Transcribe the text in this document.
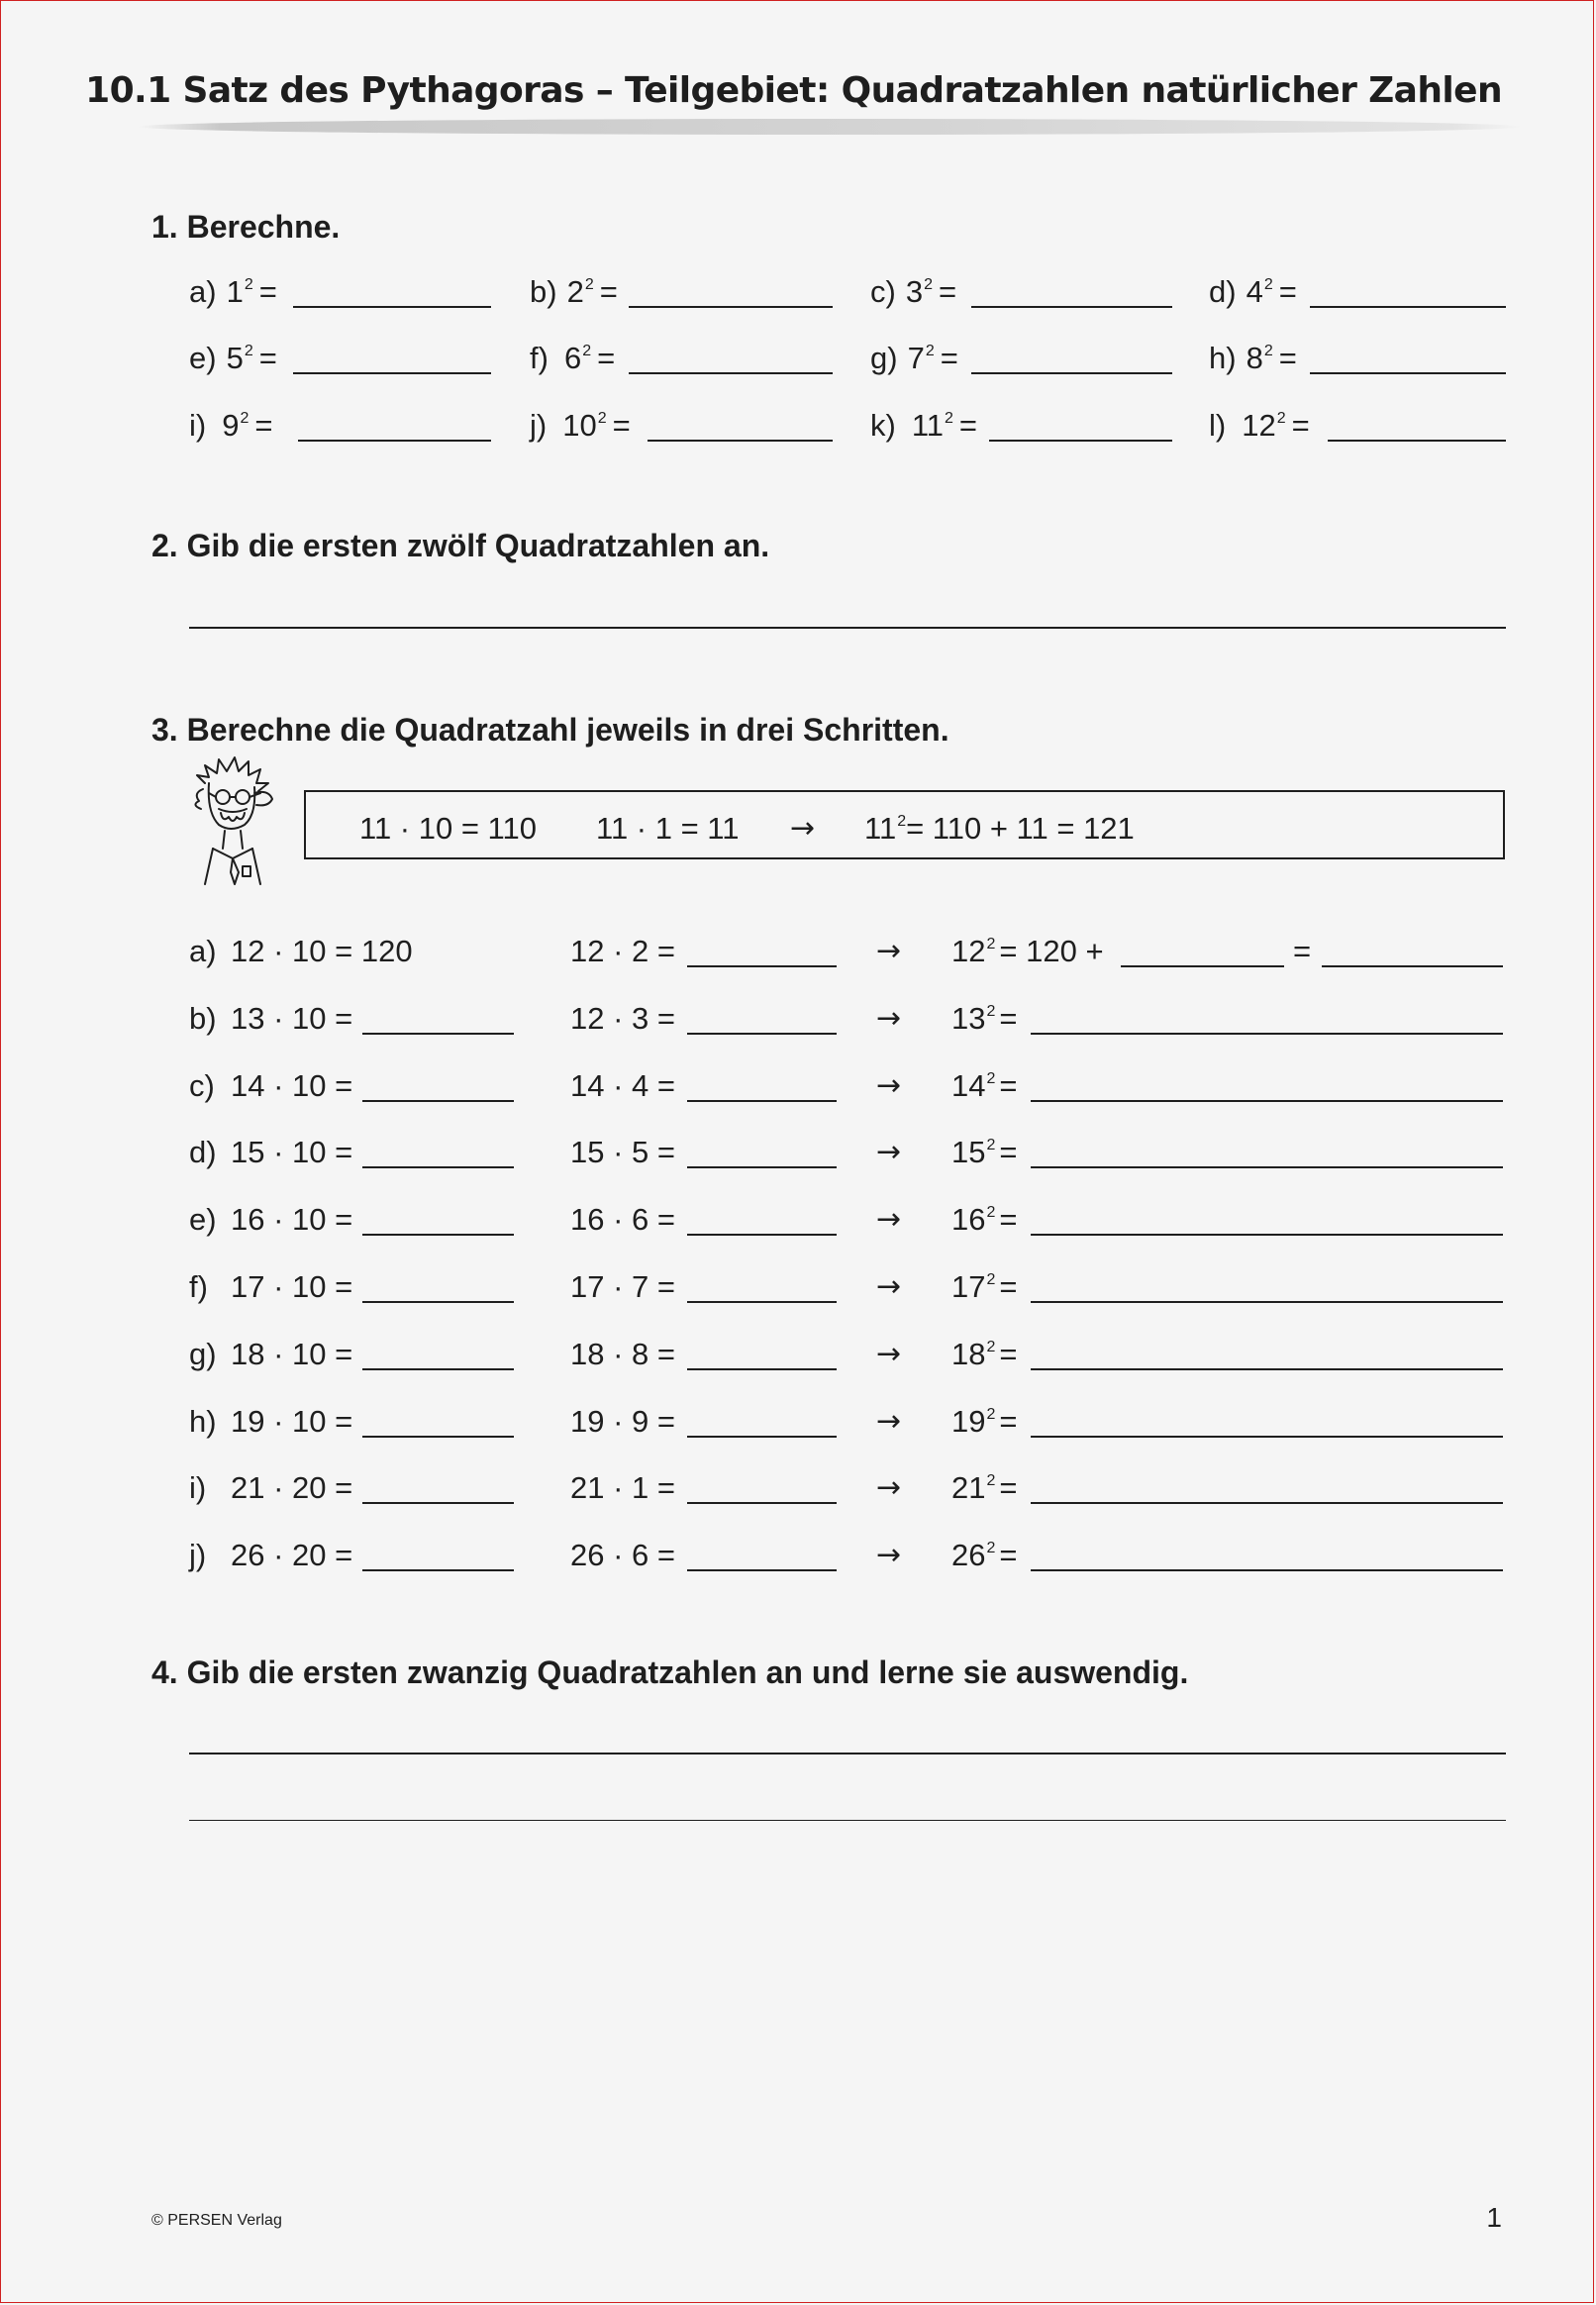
10.1 Satz des Pythagoras – Teilgebiet: Quadratzahlen natürlicher Zahlen
1. Berechne.
a) $1^2$ =	b) $2^2$ =	c) $3^2$ =	d) $4^2$ =
e) $5^2$ =	f) $6^2$ =	g) $7^2$ =	h) $8^2$ =
i) $9^2$ =	j) $10^2$ =	k) $11^2$ =	l) $12^2$ =
2. Gib die ersten zwölf Quadratzahlen an.
3. Berechne die Quadratzahl jeweils in drei Schritten.
11 · 10 = 110 $11 \cdot 1 = 11 \to 11^2= 110 + 11 = 121$
a) 12 · 10 = 120	12 · 2 =	→ $12^2 = 120$ +	=
b) 13 · 10 =	12 · 3 =	→ $13^2$ =
c) 14 · 10 =	14 · 4 =	→ $14^2$ =
d) 15 · 10 =	15 · 5 =	→ $15^2$ =
e) 16 · 10 =	16 · 6 =	→ $16^2$ =
f) 17 · 10 =	17 · 7 =	→ $17^2$ =
g) 18 · 10 =	18 · 8 =	→ $18^2$ =
h) 19 · 10 =	19 · 9 =	→ $19^2$ =
i) 21 · 20 =	21 · 1 =	→ $21^2$ =
j) 26 · 20 =	26 · 6 =	→ $26^2$ =
4. Gib die ersten zwanzig Quadratzahlen an und lerne sie auswendig.
© PERSEN Verlag	1
